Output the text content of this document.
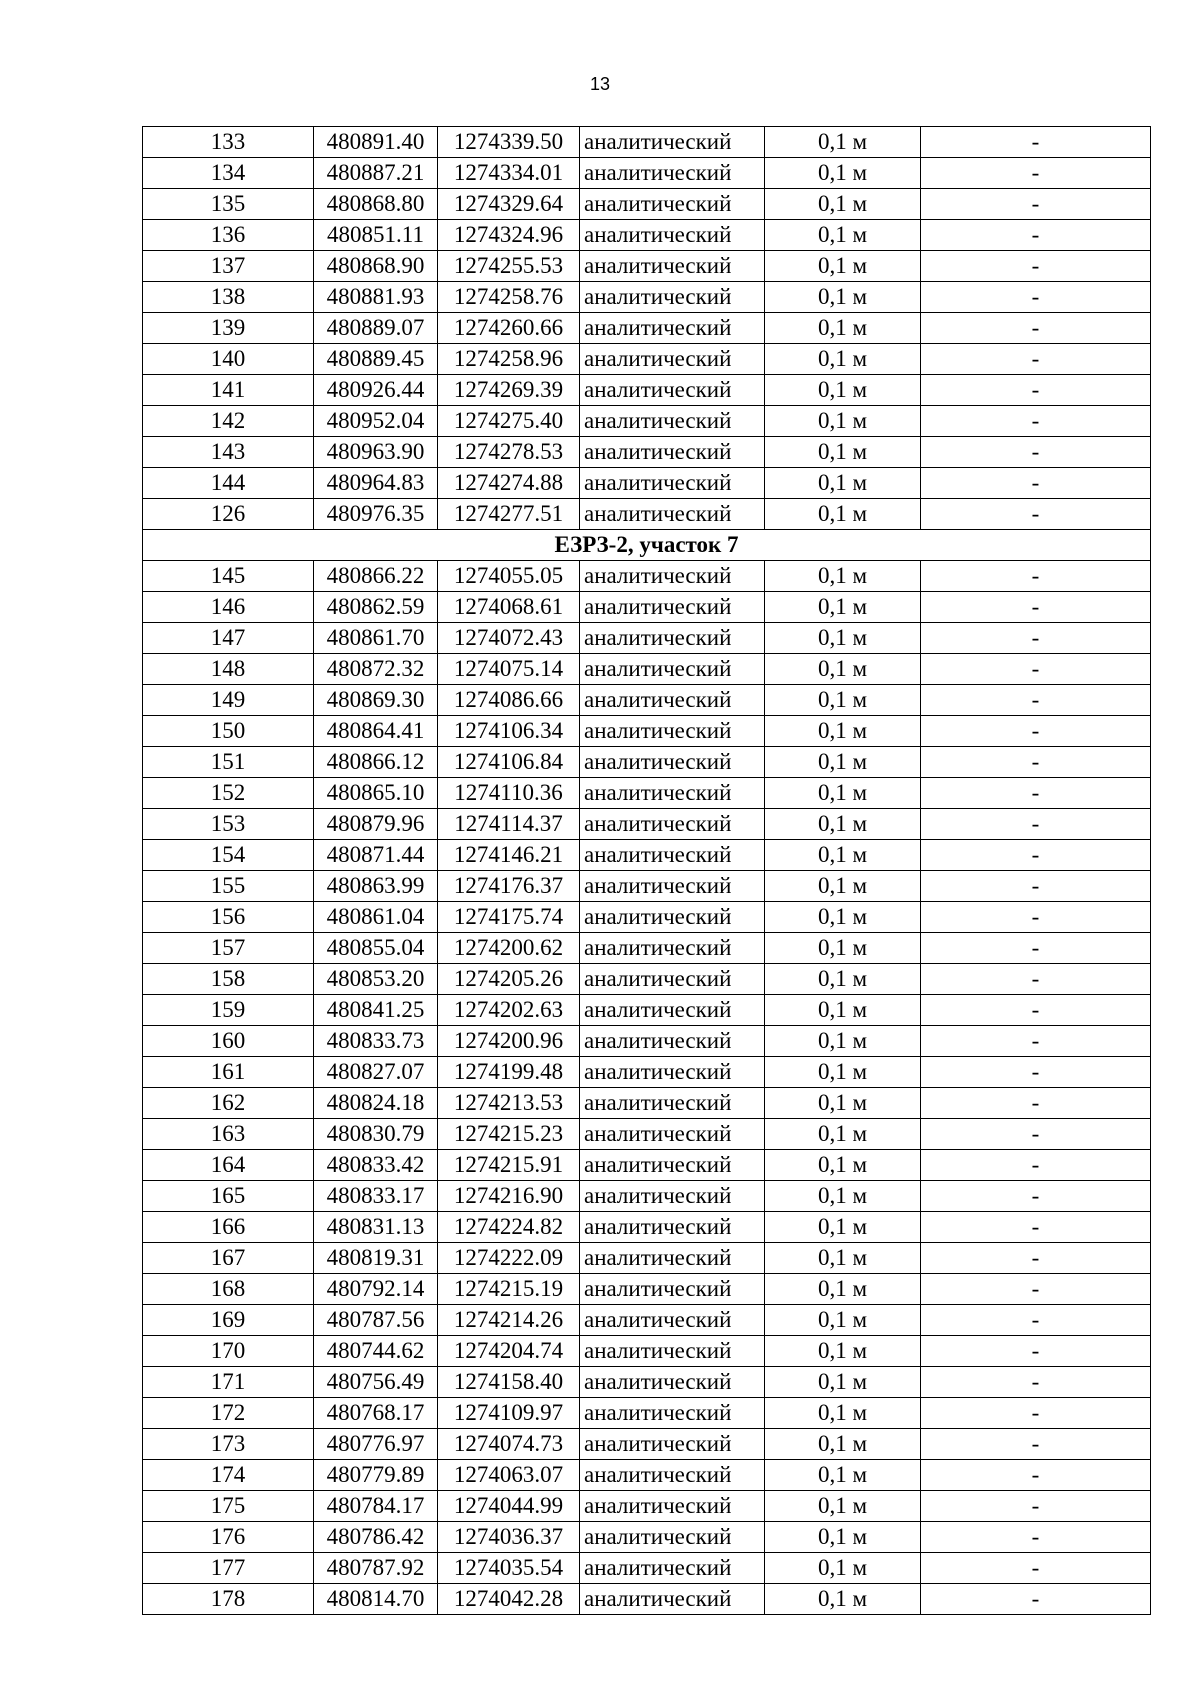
13
133	480891.40	1274339.50	аналитический	0,1 м	-
134	480887.21	1274334.01	аналитический	0,1 м	-
135	480868.80	1274329.64	аналитический	0,1 м	-
136	480851.11	1274324.96	аналитический	0,1 м	-
137	480868.90	1274255.53	аналитический	0,1 м	-
138	480881.93	1274258.76	аналитический	0,1 м	-
139	480889.07	1274260.66	аналитический	0,1 м	-
140	480889.45	1274258.96	аналитический	0,1 м	-
141	480926.44	1274269.39	аналитический	0,1 м	-
142	480952.04	1274275.40	аналитический	0,1 м	-
143	480963.90	1274278.53	аналитический	0,1 м	-
144	480964.83	1274274.88	аналитический	0,1 м	-
126	480976.35	1274277.51	аналитический	0,1 м	-
ЕЗРЗ-2, участок 7					
145	480866.22	1274055.05	аналитический	0,1 м	-
146	480862.59	1274068.61	аналитический	0,1 м	-
147	480861.70	1274072.43	аналитический	0,1 м	-
148	480872.32	1274075.14	аналитический	0,1 м	-
149	480869.30	1274086.66	аналитический	0,1 м	-
150	480864.41	1274106.34	аналитический	0,1 м	-
151	480866.12	1274106.84	аналитический	0,1 м	-
152	480865.10	1274110.36	аналитический	0,1 м	-
153	480879.96	1274114.37	аналитический	0,1 м	-
154	480871.44	1274146.21	аналитический	0,1 м	-
155	480863.99	1274176.37	аналитический	0,1 м	-
156	480861.04	1274175.74	аналитический	0,1 м	-
157	480855.04	1274200.62	аналитический	0,1 м	-
158	480853.20	1274205.26	аналитический	0,1 м	-
159	480841.25	1274202.63	аналитический	0,1 м	-
160	480833.73	1274200.96	аналитический	0,1 м	-
161	480827.07	1274199.48	аналитический	0,1 м	-
162	480824.18	1274213.53	аналитический	0,1 м	-
163	480830.79	1274215.23	аналитический	0,1 м	-
164	480833.42	1274215.91	аналитический	0,1 м	-
165	480833.17	1274216.90	аналитический	0,1 м	-
166	480831.13	1274224.82	аналитический	0,1 м	-
167	480819.31	1274222.09	аналитический	0,1 м	-
168	480792.14	1274215.19	аналитический	0,1 м	-
169	480787.56	1274214.26	аналитический	0,1 м	-
170	480744.62	1274204.74	аналитический	0,1 м	-
171	480756.49	1274158.40	аналитический	0,1 м	-
172	480768.17	1274109.97	аналитический	0,1 м	-
173	480776.97	1274074.73	аналитический	0,1 м	-
174	480779.89	1274063.07	аналитический	0,1 м	-
175	480784.17	1274044.99	аналитический	0,1 м	-
176	480786.42	1274036.37	аналитический	0,1 м	-
177	480787.92	1274035.54	аналитический	0,1 м	-
178	480814.70	1274042.28	аналитический	0,1 м	-
